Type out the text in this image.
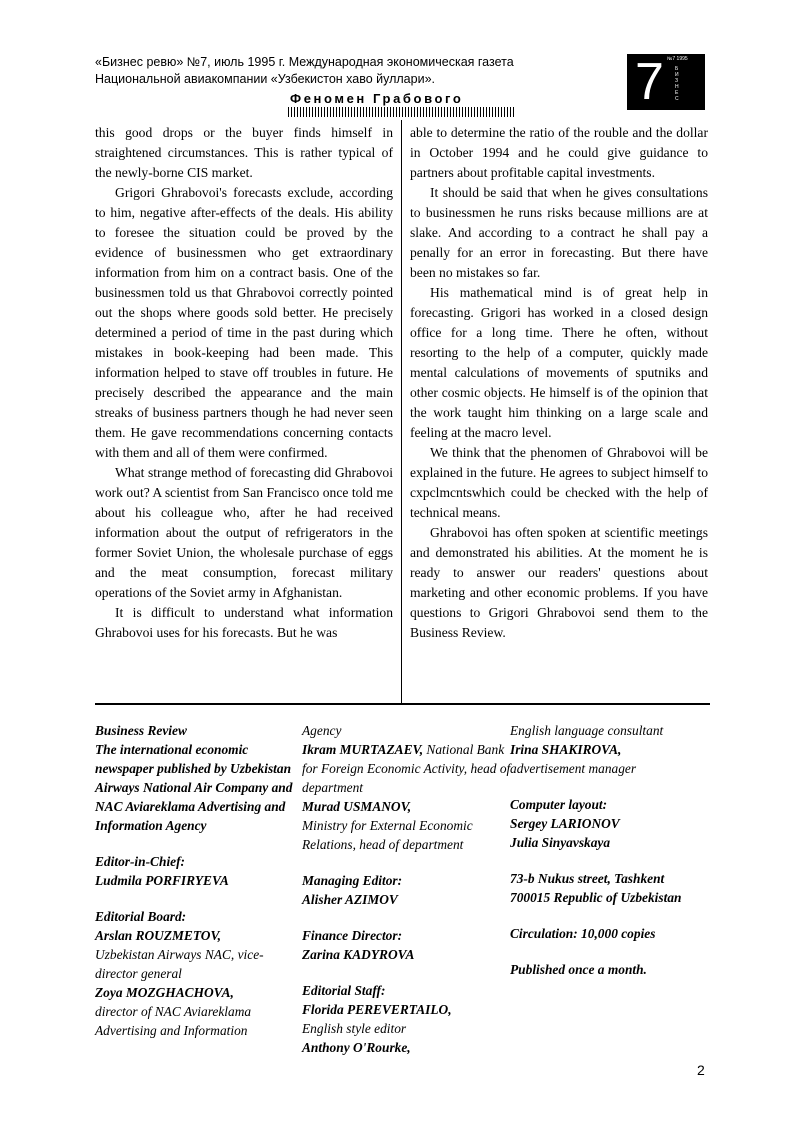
«Бизнес ревю» №7, июль 1995 г. Международная экономическая газета
Национальной авиакомпании «Узбекистон хаво йуллари».
Феномен Грабового	7 №7 1995
БИЗНЕС

this good drops or the buyer finds himself in straightened circumstances. This is rather typical of the newly-borne CIS market.

Grigori Ghrabovoi's forecasts exclude, according to him, negative after-effects of the deals. His ability to foresee the situation could be proved by the evidence of businessmen who get extraordinary information from him on a contract basis. One of the businessmen told us that Ghrabovoi correctly pointed out the shops where goods sold better. He precisely determined a period of time in the past during which mistakes in book-keeping had been made. This information helped to stave off troubles in future. He precisely described the appearance and the main streaks of business partners though he had never seen them. He gave recommendations concerning contacts with them and all of them were confirmed.

What strange method of forecasting did Ghrabovoi work out? A scientist from San Francisco once told me about his colleague who, after he had received information about the output of refrigerators in the former Soviet Union, the wholesale purchase of eggs and the meat consumption, forecast military operations of the Soviet army in Afghanistan.

It is difficult to understand what information Ghrabovoi uses for his forecasts. But he was

able to determine the ratio of the rouble and the dollar in October 1994 and he could give guidance to partners about profitable capital investments.

It should be said that when he gives consultations to businessmen he runs risks because millions are at slake. And according to a contract he shall pay a penally for an error in forecasting. But there have been no mistakes so far.

His mathematical mind is of great help in forecasting. Grigori has worked in a closed design office for a long time. There he often, without resorting to the help of a computer, quickly made mental calculations of movements of sputniks and other cosmic objects. He himself is of the opinion that the work taught him thinking on a large scale and feeling at the macro level.

We think that the phenomen of Ghrabovoi will be explained in the future. He agrees to subject himself to cxpclmcntswhich could be checked with the help of technical means.

Ghrabovoi has often spoken at scientific meetings and demonstrated his abilities. At the moment he is ready to answer our readers' questions about marketing and other economic problems. If you have questions to Grigori Ghrabovoi send them to the Business Review.

Business Review
The international economic newspaper published by Uzbekistan Airways National Air Company and NAC Aviareklama Advertising and Information Agency
Editor-in-Chief:
Ludmila PORFIRYEVA
Editorial Board:
Arslan ROUZMETOV,
Uzbekistan Airways NAC, vice-director general
Zoya MOZGHACHOVA,
director of NAC Aviareklama Advertising and Information
Agency
Ikram MURTAZAEV, National Bank for Foreign Economic Activity, head of department
Murad USMANOV,
Ministry for External Economic Relations, head of department
Managing Editor:
Alisher AZIMOV
Finance Director:
Zarina KADYROVA
Editorial Staff:
Florida PEREVERTAILO,
English style editor
Anthony O'Rourke,
English language consultant
Irina SHAKIROVA,
advertisement manager
Computer layout:
Sergey LARIONOV
Julia Sinyavskaya
73-b Nukus street, Tashkent
700015 Republic of Uzbekistan
Circulation: 10,000 copies
Published once a month.
2
